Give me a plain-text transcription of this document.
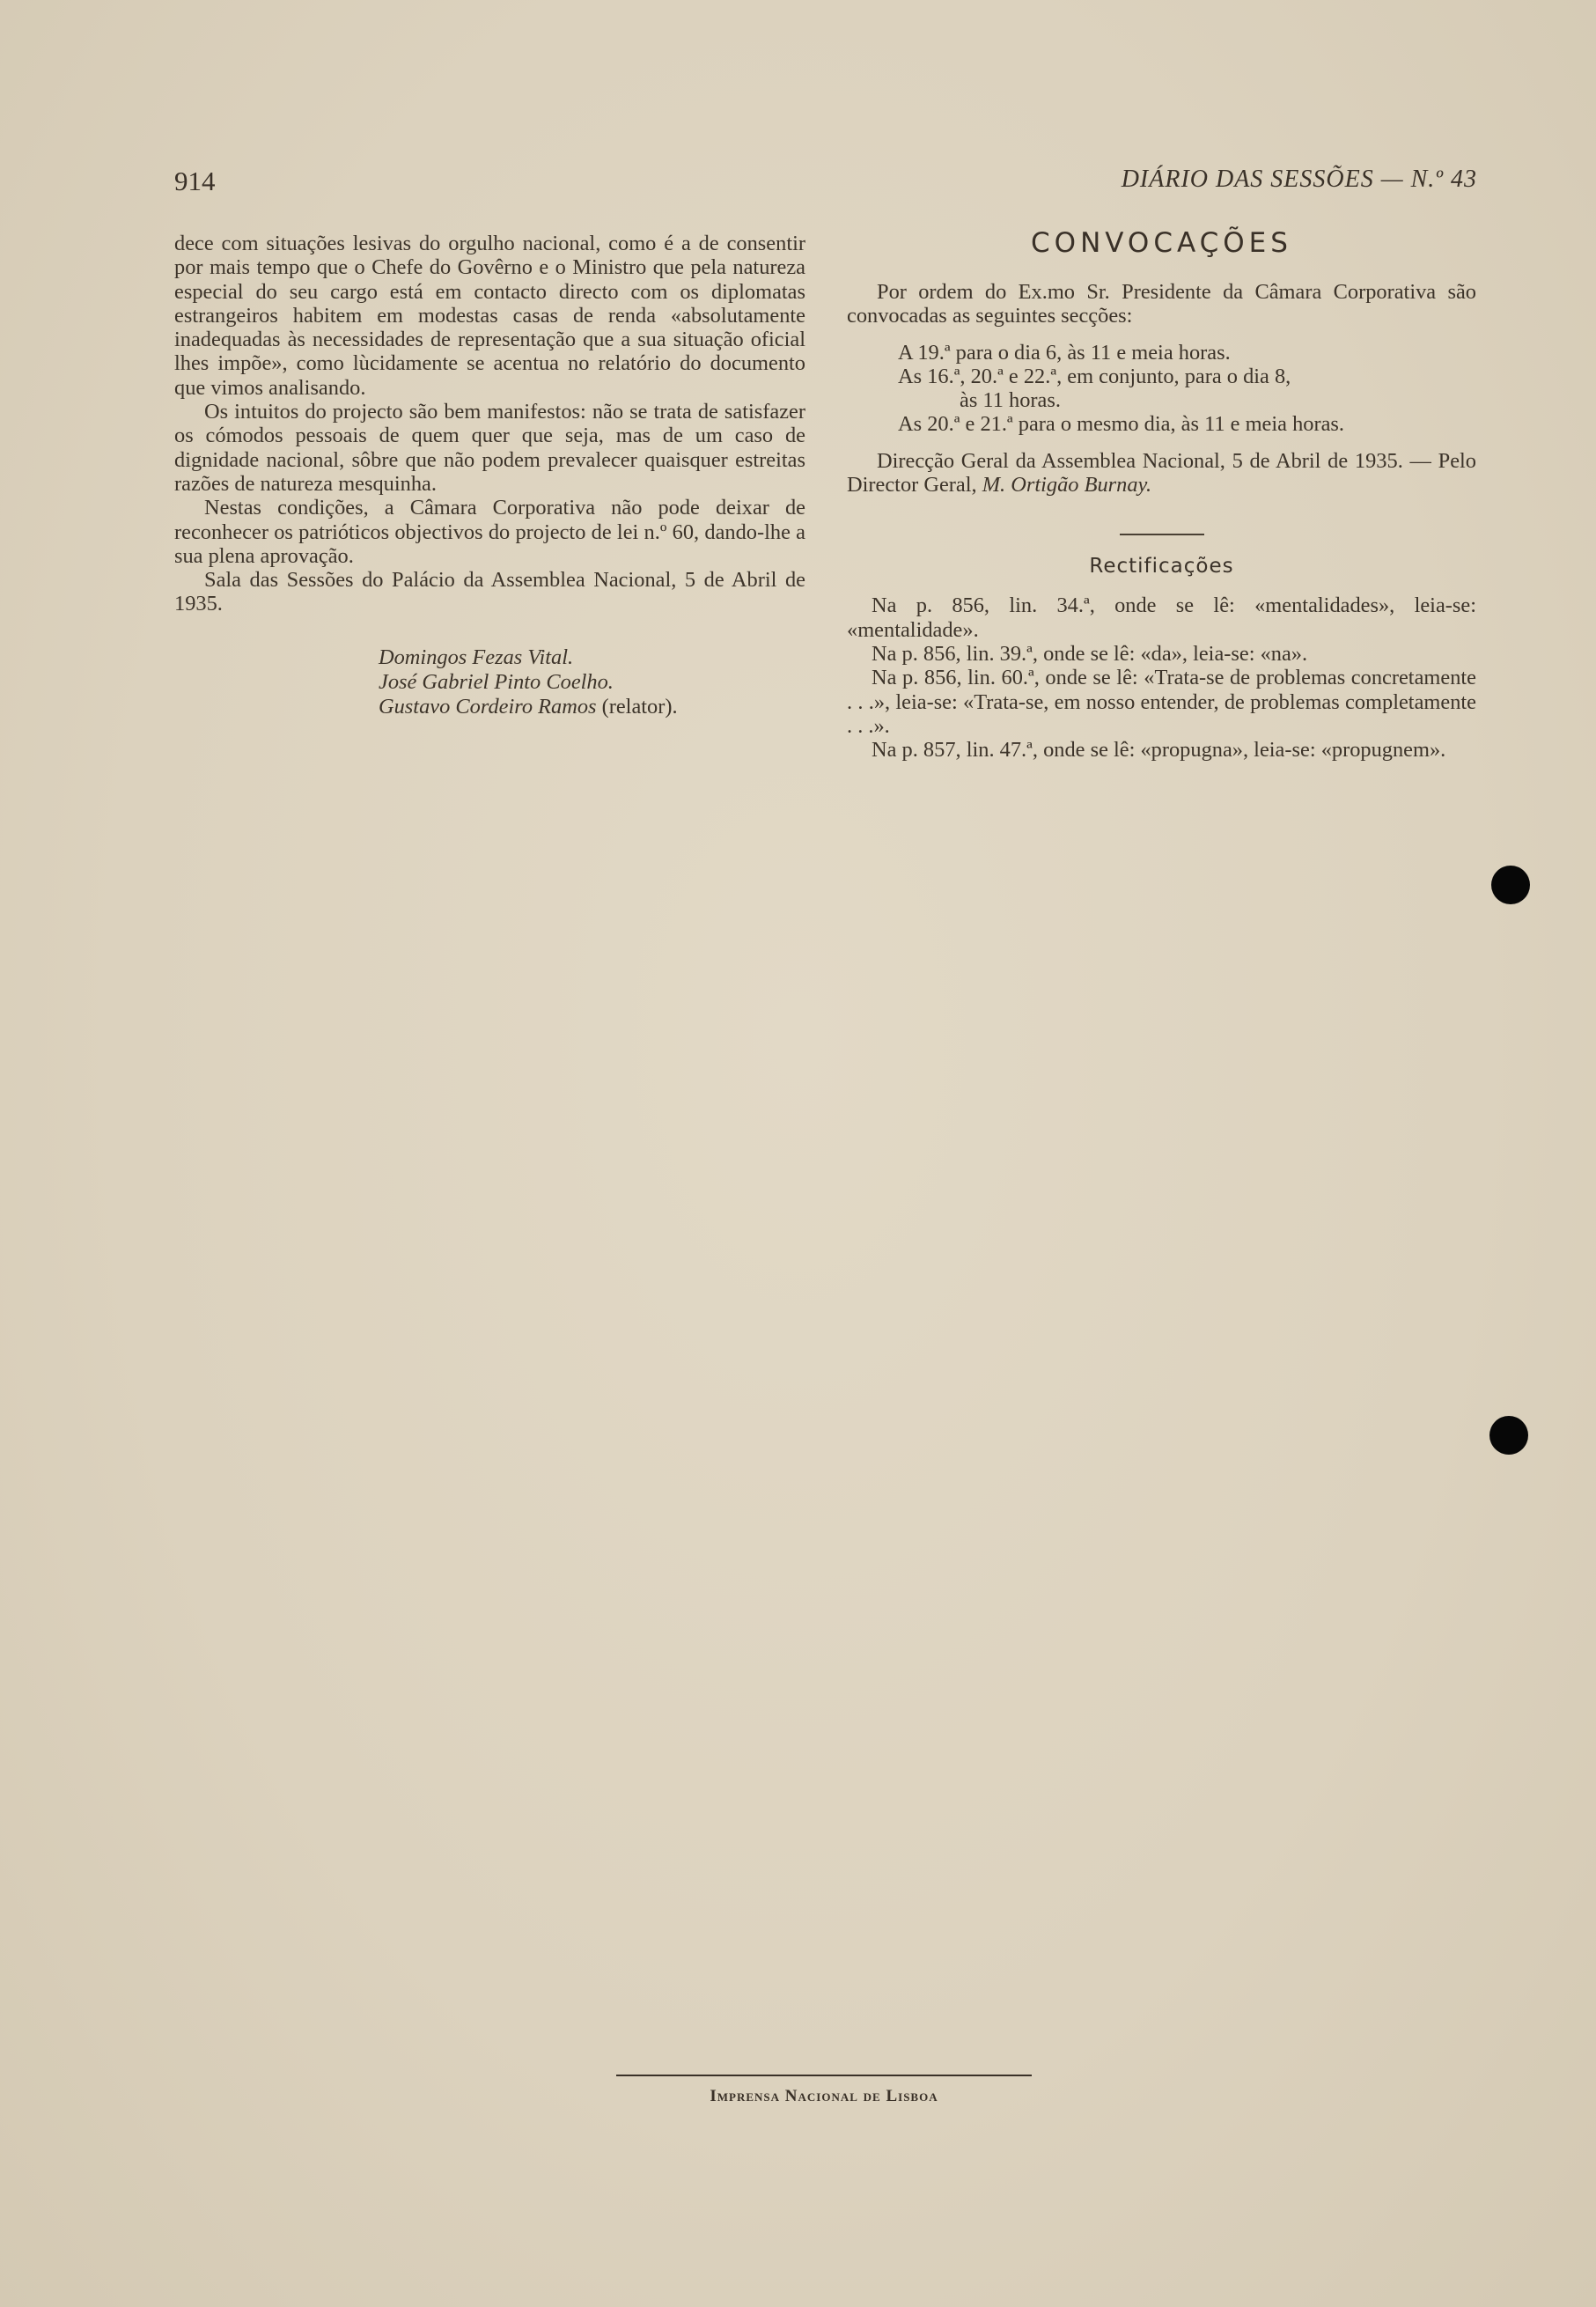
914	DIÁRIO DAS SESSÕES — N.º 43

dece com situações lesivas do orgulho nacional, como é a de consentir por mais tempo que o Chefe do Govêrno e o Ministro que pela natureza especial do seu cargo está em contacto directo com os diplomatas estrangeiros habitem em modestas casas de renda «absolutamente inadequadas às necessidades de representação que a sua situação oficial lhes impõe», como lùcidamente se acentua no relatório do documento que vimos analisando.

Os intuitos do projecto são bem manifestos: não se trata de satisfazer os cómodos pessoais de quem quer que seja, mas de um caso de dignidade nacional, sôbre que não podem prevalecer quaisquer estreitas razões de natureza mesquinha.

Nestas condições, a Câmara Corporativa não pode deixar de reconhecer os patrióticos objectivos do projecto de lei n.º 60, dando-lhe a sua plena aprovação.

Sala das Sessões do Palácio da Assemblea Nacional, 5 de Abril de 1935.

Domingos Fezas Vital.
José Gabriel Pinto Coelho.
Gustavo Cordeiro Ramos (relator).
CONVOCAÇÕES

Por ordem do Ex.mo Sr. Presidente da Câmara Corporativa são convocadas as seguintes secções:

A 19.ª para o dia 6, às 11 e meia horas.

As 16.ª, 20.ª e 22.ª, em conjunto, para o dia 8,

às 11 horas.

As 20.ª e 21.ª para o mesmo dia, às 11 e meia horas.

Direcção Geral da Assemblea Nacional, 5 de Abril de 1935. — Pelo Director Geral, M. Ortigão Burnay.

Rectificações

Na p. 856, lin. 34.ª, onde se lê: «mentalidades», leia-se: «mentalidade».

Na p. 856, lin. 39.ª, onde se lê: «da», leia-se: «na».

Na p. 856, lin. 60.ª, onde se lê: «Trata-se de problemas concretamente . . .», leia-se: «Trata-se, em nosso entender, de problemas completamente . . .».

Na p. 857, lin. 47.ª, onde se lê: «propugna», leia-se: «propugnem».

Imprensa Nacional de Lisboa
